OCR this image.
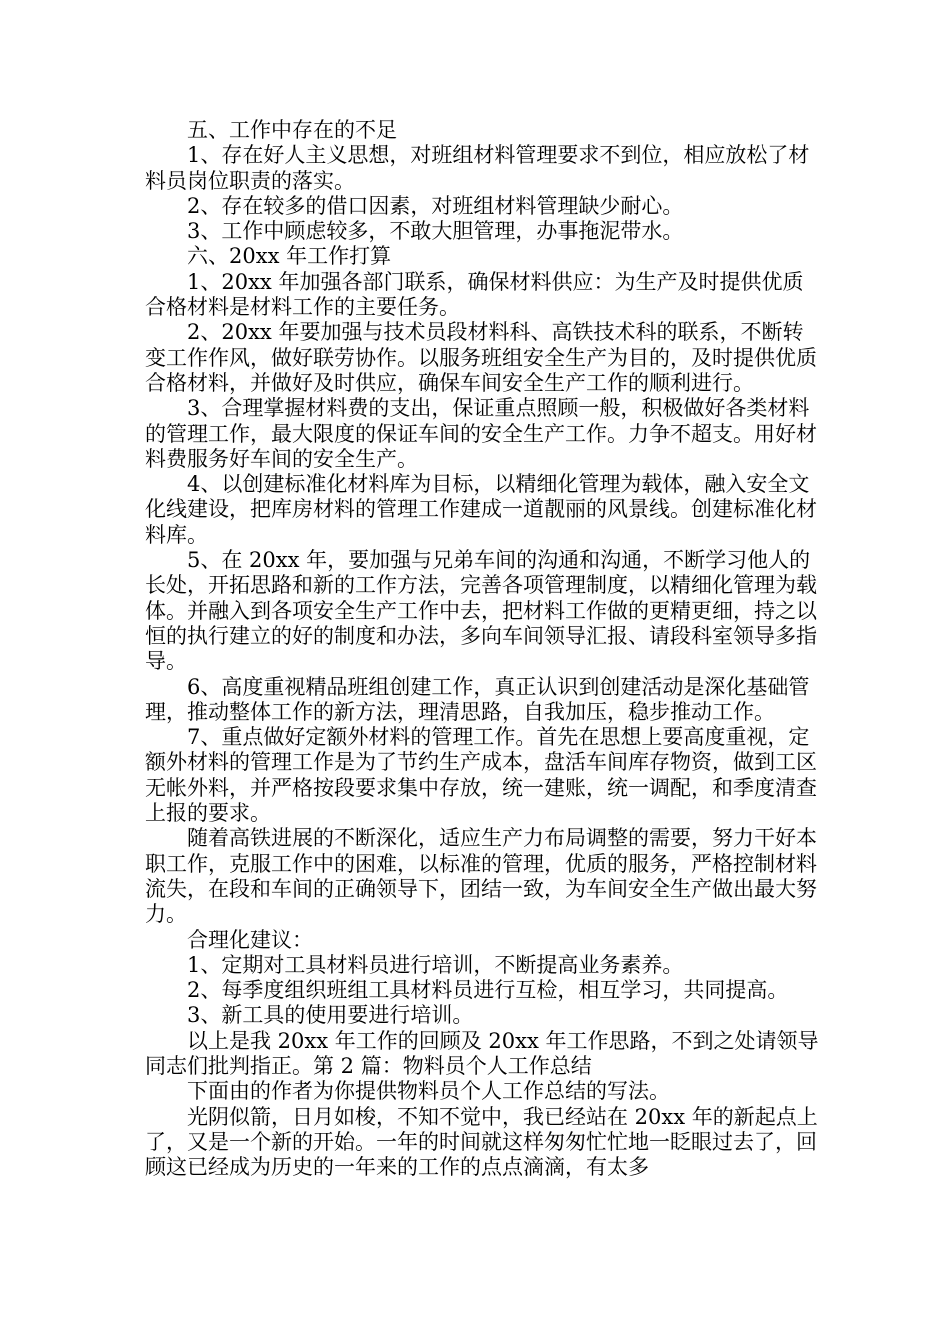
五、工作中存在的不足

1、存在好人主义思想，对班组材料管理要求不到位，相应放松了材料员岗位职责的落实。

2、存在较多的借口因素，对班组材料管理缺少耐心。

3、工作中顾虑较多，不敢大胆管理，办事拖泥带水。

六、20xx 年工作打算

1、20xx 年加强各部门联系，确保材料供应：为生产及时提供优质合格材料是材料工作的主要任务。

2、20xx 年要加强与技术员段材料科、高铁技术科的联系，不断转变工作作风，做好联劳协作。以服务班组安全生产为目的，及时提供优质合格材料，并做好及时供应，确保车间安全生产工作的顺利进行。

3、合理掌握材料费的支出，保证重点照顾一般，积极做好各类材料的管理工作，最大限度的保证车间的安全生产工作。力争不超支。用好材料费服务好车间的安全生产。

4、以创建标准化材料库为目标，以精细化管理为载体，融入安全文化线建设，把库房材料的管理工作建成一道靓丽的风景线。创建标准化材料库。

5、在 20xx 年，要加强与兄弟车间的沟通和沟通，不断学习他人的长处，开拓思路和新的工作方法，完善各项管理制度，以精细化管理为载体。并融入到各项安全生产工作中去，把材料工作做的更精更细，持之以恒的执行建立的好的制度和办法，多向车间领导汇报、请段科室领导多指导。

6、高度重视精品班组创建工作，真正认识到创建活动是深化基础管理，推动整体工作的新方法，理清思路，自我加压，稳步推动工作。

7、重点做好定额外材料的管理工作。首先在思想上要高度重视，定额外材料的管理工作是为了节约生产成本，盘活车间库存物资，做到工区无帐外料，并严格按段要求集中存放，统一建账，统一调配，和季度清查上报的要求。

随着高铁进展的不断深化，适应生产力布局调整的需要，努力干好本职工作，克服工作中的困难，以标准的管理，优质的服务，严格控制材料流失，在段和车间的正确领导下，团结一致，为车间安全生产做出最大努力。

合理化建议：

1、定期对工具材料员进行培训，不断提高业务素养。

2、每季度组织班组工具材料员进行互检，相互学习，共同提高。

3、新工具的使用要进行培训。

以上是我 20xx 年工作的回顾及 20xx 年工作思路，不到之处请领导同志们批判指正。第 2 篇：物料员个人工作总结

下面由的作者为你提供物料员个人工作总结的写法。

光阴似箭，日月如梭，不知不觉中，我已经站在 20xx 年的新起点上了，又是一个新的开始。一年的时间就这样匆匆忙忙地一眨眼过去了，回顾这已经成为历史的一年来的工作的点点滴滴，有太多
